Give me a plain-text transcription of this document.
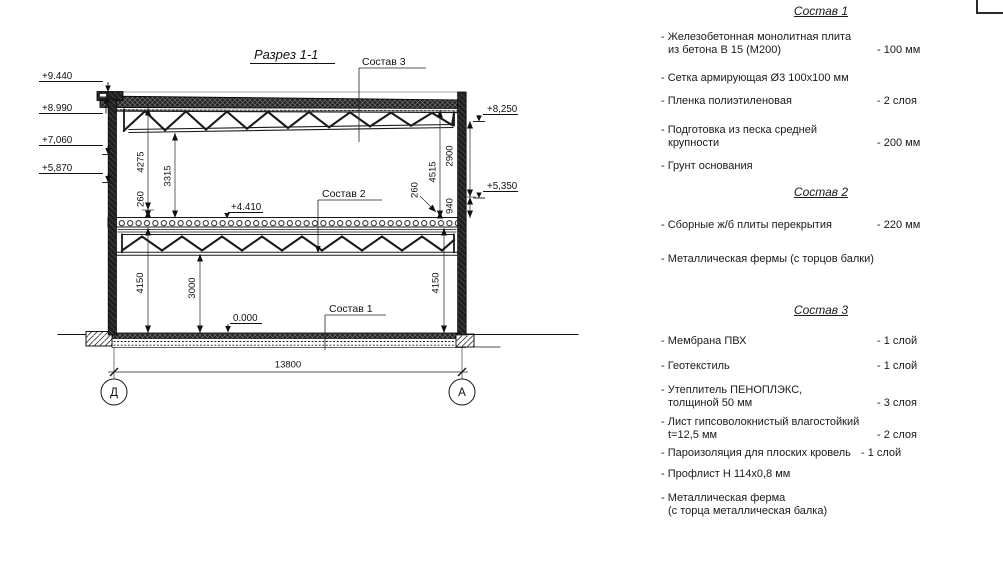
Разрез 1-1
4275
260
3315
4150	3000
4515
260
2900
940
4150
13800
Д	А
+9.440
+8.990
+7,060
+5,870
+8,250
+5,350
+4.410
0.000
Состав 3
Состав 2
Состав 1
Состав 1
- Железобетонная монолитная плита
из бетона В 15 (М200)	- 100 мм
- Сетка армирующая Ø3 100x100 мм
- Пленка полиэтиленовая	- 2 слоя
- Подготовка из песка средней
крупности	- 200 мм
- Грунт основания
Состав 2
- Сборные ж/б плиты перекрытия	- 220 мм
- Металлическая фермы (с торцов балки)
Состав 3
- Мембрана ПВХ	- 1 слой
- Геотекстиль	- 1 слой
- Утеплитель ПЕНОПЛЭКС,
толщиной 50 мм	- 3 слоя
- Лист гипсоволокнистый влагостойкий
t=12,5 мм	- 2 слоя
- Пароизоляция для плоских кровель - 1 слой
- Профлист Н 114х0,8 мм
- Металлическая ферма
(с торца металлическая балка)
